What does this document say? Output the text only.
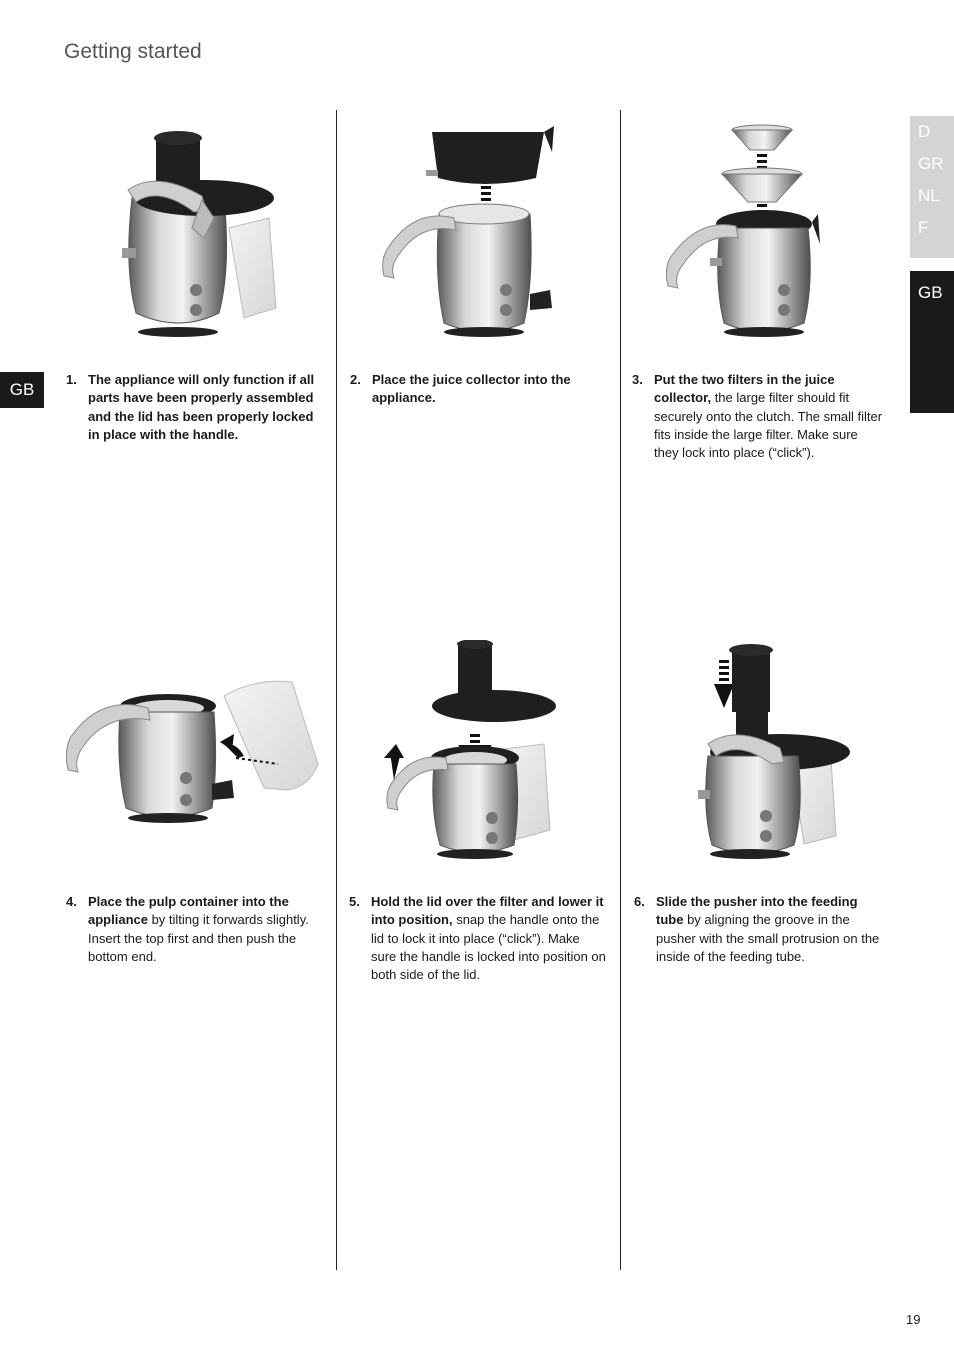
Getting started
GB
D
GR
NL
F
GB
1. The appliance will only function if all parts have been properly assembled and the lid has been properly locked in place with the handle.
2. Place the juice collector into the appliance.
3. Put the two filters in the juice collector, the large filter should fit securely onto the clutch. The small filter fits inside the large filter. Make sure they lock into place (“click”).
4. Place the pulp container into the appliance by tilting it forwards slightly. Insert the top first and then push the bottom end.
5. Hold the lid over the filter and lower it into position, snap the handle onto the lid to lock it into place (“click”). Make sure the handle is locked into position on both side of the lid.
6. Slide the pusher into the feeding tube by aligning the groove in the pusher with the small protrusion on the inside of the feeding tube.
19
